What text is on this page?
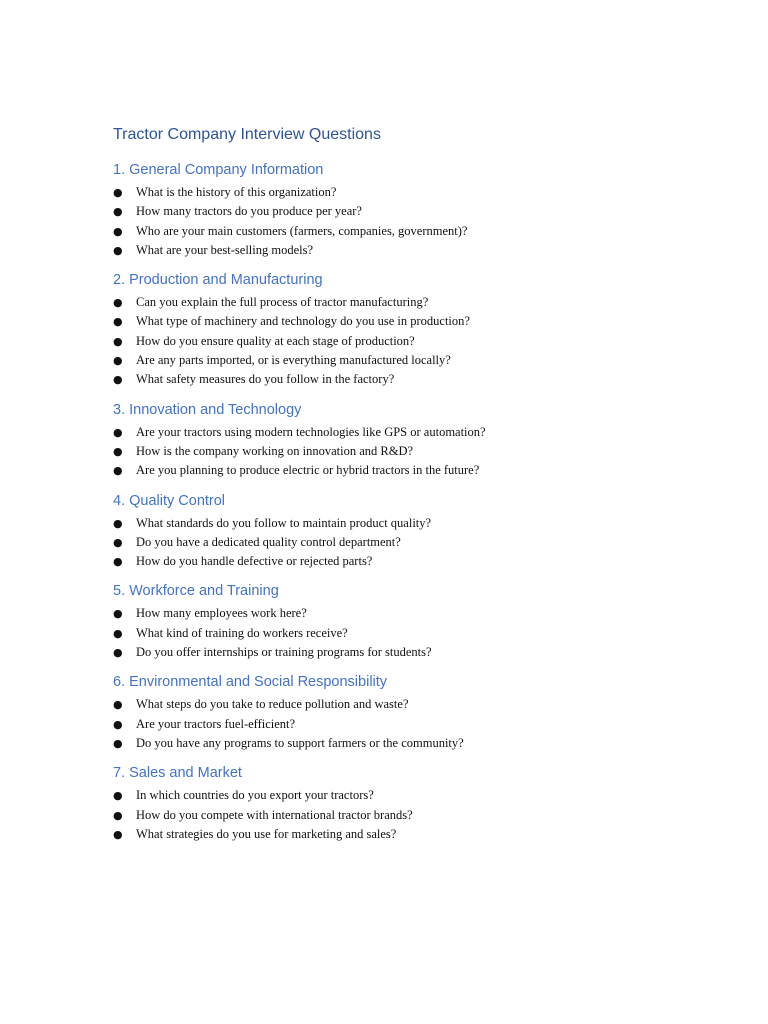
Tractor Company Interview Questions
1. General Company Information
● What is the history of this organization?
● How many tractors do you produce per year?
● Who are your main customers (farmers, companies, government)?
● What are your best-selling models?
2. Production and Manufacturing
● Can you explain the full process of tractor manufacturing?
● What type of machinery and technology do you use in production?
● How do you ensure quality at each stage of production?
● Are any parts imported, or is everything manufactured locally?
● What safety measures do you follow in the factory?
3. Innovation and Technology
● Are your tractors using modern technologies like GPS or automation?
● How is the company working on innovation and R&D?
● Are you planning to produce electric or hybrid tractors in the future?
4. Quality Control
● What standards do you follow to maintain product quality?
● Do you have a dedicated quality control department?
● How do you handle defective or rejected parts?
5. Workforce and Training
● How many employees work here?
● What kind of training do workers receive?
● Do you offer internships or training programs for students?
6. Environmental and Social Responsibility
● What steps do you take to reduce pollution and waste?
● Are your tractors fuel-efficient?
● Do you have any programs to support farmers or the community?
7. Sales and Market
● In which countries do you export your tractors?
● How do you compete with international tractor brands?
● What strategies do you use for marketing and sales?
